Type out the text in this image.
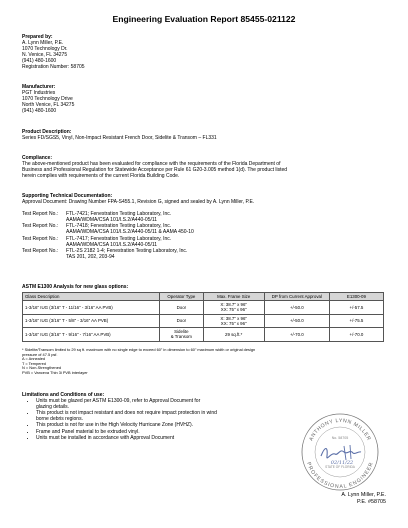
Engineering Evaluation Report 85455-021122
Prepared by:
A. Lynn Miller, P.E.
1070 Technology Dr.
N. Venice, FL 34275
(941) 480-1600
Registration Number: 58705
Manufacturer:
PGT Industries
1070 Technology Drive
North Venice, FL 34275
(941) 480-1600
Product Description:
Series FD/SGS5, Vinyl, Non-Impact Resistant French Door, Sidelite & Transom – FL331
Compliance:
The above-mentioned product has been evaluated for compliance with the requirements of the Florida Department of
Business and Professional Regulation for Statewide Acceptance per Rule 61 G20-3.005 method 1(d). The product listed
herein complies with requirements of the current Florida Building Code.
Supporting Technical Documentation:
Approval Document: Drawing Number FPA-S455.1, Revision G, signed and sealed by A. Lynn Miller, P.E.
Test Report No.:	FTL-7421; Fenestration Testing Laboratory, Inc.
AAMA/WDMA/CSA 101/I.S.2/A440-05/11
Test Report No.:	FTL-7418; Fenestration Testing Laboratory, Inc.
AAMA/WDMA/CSA 101/I.S.2/A440-05/11 & AAMA 450-10
Test Report No.:	FTL-7417; Fenestration Testing Laboratory, Inc.
AAMA/WDMA/CSA 101/I.S.2/A440-05/11
Test Report No.:	FTL-2S 2182 1-4; Fenestration Testing Laboratory, Inc.
TAS 201, 202, 203-94
ASTM E1300 Analysis for new glass options:
Glass Description	Operator Type	Max. Frame Size	DP from Current Approval	E1300-09
1-3/16" IUG (3/16" T - 11/16" - 3/16" AA PVB)	Door	X: 38.7" x 96"
XX: 75" x 96"	+/-50.0	+/-57.5
1-3/16" IUG (3/16" T - 5/8" - 3/16" AA PVB)	Door	X: 38.7" x 96"
XX: 75" x 96"	+/-50.0	+/-75.5
1-3/16" IUG (3/16" T - 9/16" - 7/16" AA PVB)	Sidelite
& Transom	29 sq.ft.*	+/-70.0	+/-70.0
* Sidelite/Transom limited to 29 sq ft. maximum with no single edge to exceed 60" in dimension to 60" maximum width or original design
pressure of 47.5 psf.
A = Annealed
T = Tempered
N = Non-Strengthened
PVB = Vanceva Thin 3i PVB interlayer
Limitations and Conditions of use:
• Units must be glazed per ASTM E1300-09, refer to Approval Document for
glazing details.
• This product is not impact resistant and does not require impact protection in wind
borne debris regions.
• This product is not for use in the High Velocity Hurricane Zone (HVHZ).
• Frame and Panel material to be extruded vinyl.
• Units must be installed in accordance with Approval Document	ANTHONY LYNN MILLER
PROFESSIONAL ENGINEER
No. 58705
STATE OF FLORIDA
02/11/22
A. Lynn Miller, P.E.
P.E. #58705
